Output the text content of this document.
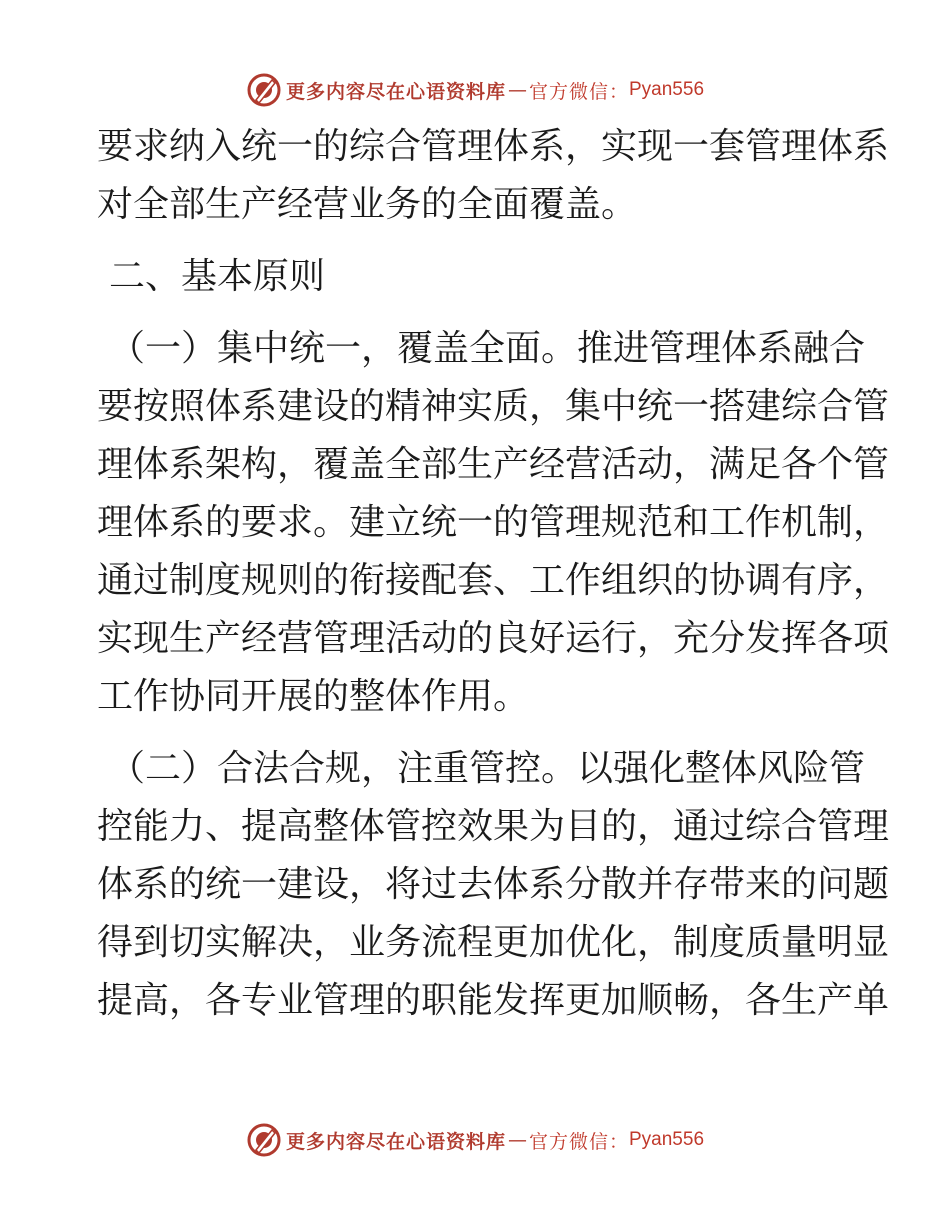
更多内容尽在心语资料库 — 官方微信： Pyan556
要求纳入统一的综合管理体系，实现一套管理体系
对全部生产经营业务的全面覆盖。
二、基本原则
（一）集中统一，覆盖全面。推进管理体系融合
要按照体系建设的精神实质，集中统一搭建综合管
理体系架构，覆盖全部生产经营活动，满足各个管
理体系的要求。建立统一的管理规范和工作机制，
通过制度规则的衔接配套、工作组织的协调有序，
实现生产经营管理活动的良好运行，充分发挥各项
工作协同开展的整体作用。
（二）合法合规，注重管控。以强化整体风险管
控能力、提高整体管控效果为目的，通过综合管理
体系的统一建设，将过去体系分散并存带来的问题
得到切实解决，业务流程更加优化，制度质量明显
提高，各专业管理的职能发挥更加顺畅，各生产单
更多内容尽在心语资料库 — 官方微信： Pyan556
